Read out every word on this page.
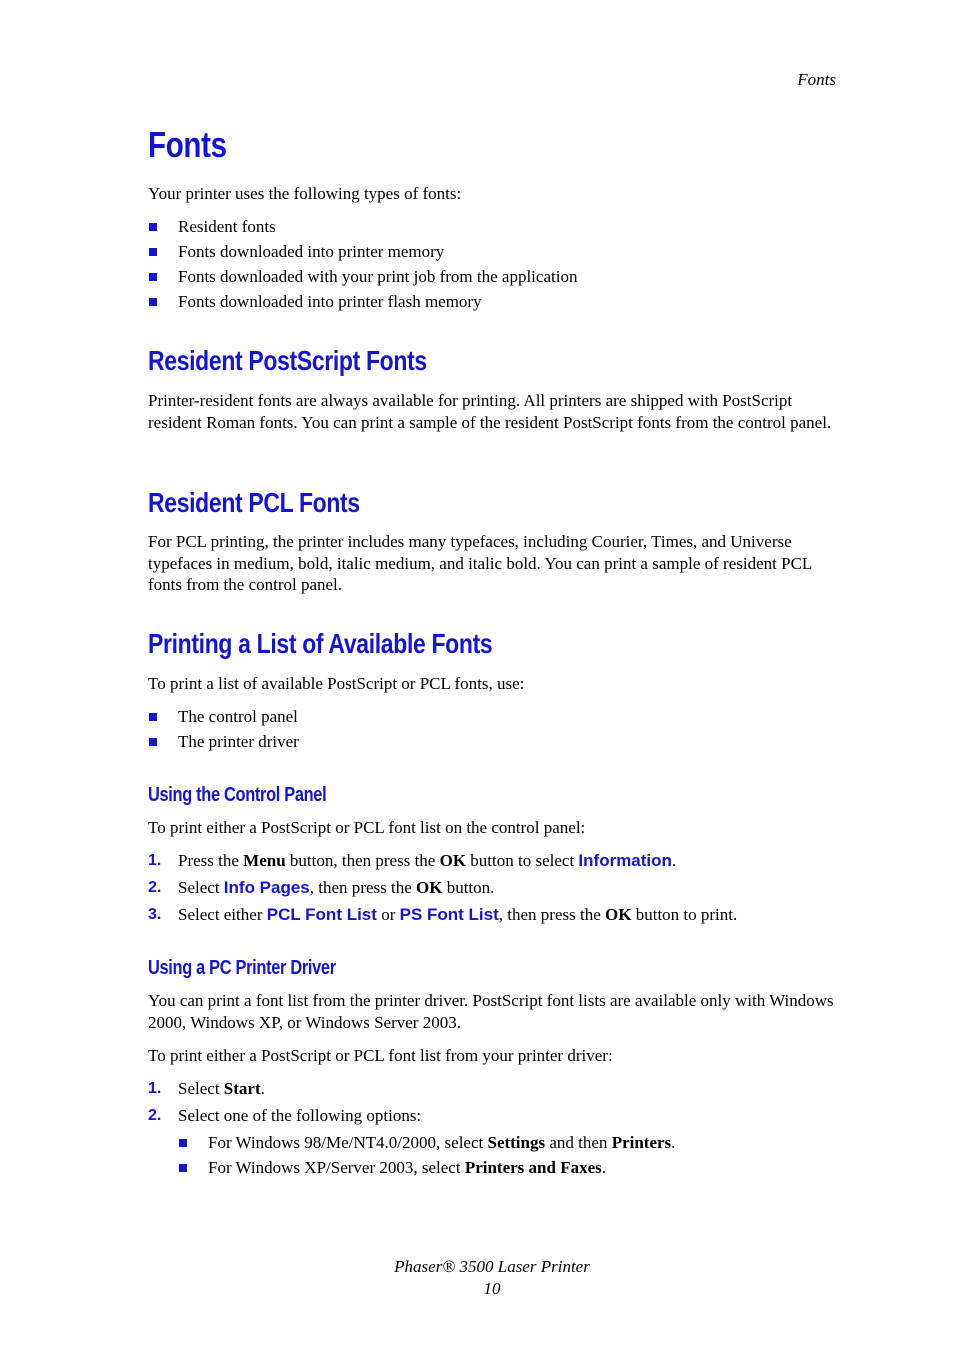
Fonts
Fonts

Your printer uses the following types of fonts:

Resident fonts
Fonts downloaded into printer memory
Fonts downloaded with your print job from the application
Fonts downloaded into printer flash memory
Resident PostScript Fonts

Printer-resident fonts are always available for printing. All printers are shipped with PostScript resident Roman fonts. You can print a sample of the resident PostScript fonts from the control panel.

Resident PCL Fonts

For PCL printing, the printer includes many typefaces, including Courier, Times, and Universe typefaces in medium, bold, italic medium, and italic bold. You can print a sample of resident PCL fonts from the control panel.

Printing a List of Available Fonts

To print a list of available PostScript or PCL fonts, use:

The control panel
The printer driver
Using the Control Panel

To print either a PostScript or PCL font list on the control panel:

1. Press the Menu button, then press the OK button to select Information.
2. Select Info Pages, then press the OK button.
3. Select either PCL Font List or PS Font List, then press the OK button to print.
Using a PC Printer Driver

You can print a font list from the printer driver. PostScript font lists are available only with Windows 2000, Windows XP, or Windows Server 2003.

To print either a PostScript or PCL font list from your printer driver:

1. Select Start.
2. Select one of the following options:
For Windows 98/Me/NT4.0/2000, select Settings and then Printers.
For Windows XP/Server 2003, select Printers and Faxes.
Phaser® 3500 Laser Printer
10
